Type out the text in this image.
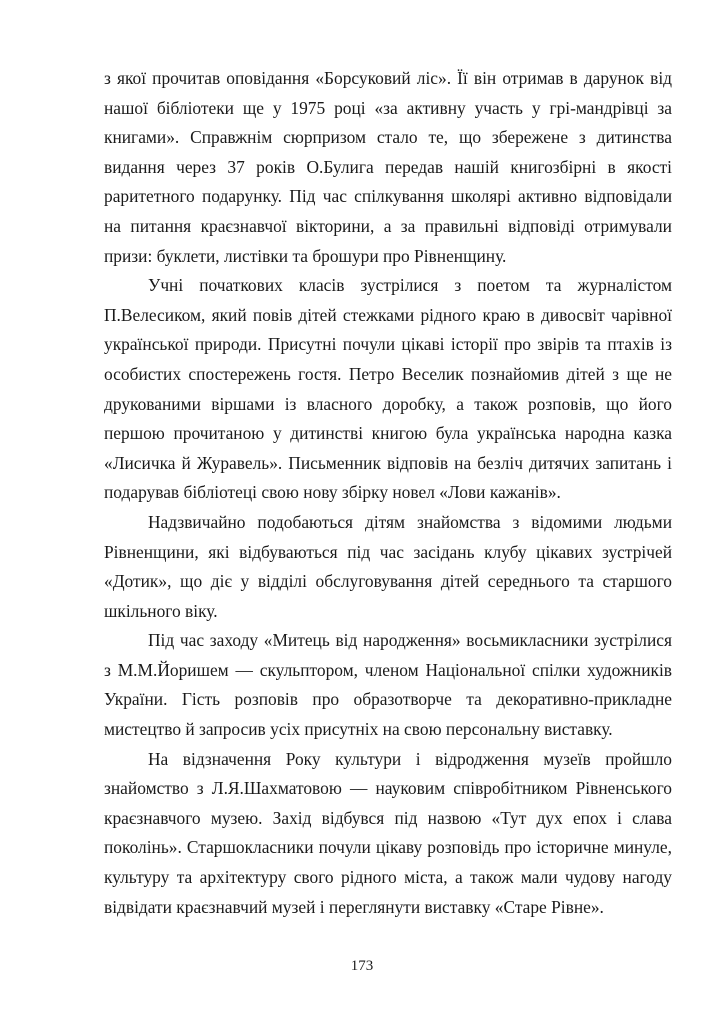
з якої прочитав оповідання «Борсуковий ліс». Її він отримав в дарунок від нашої бібліотеки ще у 1975 році «за активну участь у грі-мандрівці за книгами». Справжнім сюрпризом стало те, що збережене з дитинства видання через 37 років О.Булига передав нашій книгозбірні в якості раритетного подарунку. Під час спілкування школярі активно відповідали на питання краєзнавчої вікторини, а за правильні відповіді отримували призи: буклети, листівки та брошури про Рівненщину.

Учні початкових класів зустрілися з поетом та журналістом П.Велесиком, який повів дітей стежками рідного краю в дивосвіт чарівної української природи. Присутні почули цікаві історії про звірів та птахів із особистих спостережень гостя. Петро Веселик познайомив дітей з ще не друкованими віршами із власного доробку, а також розповів, що його першою прочитаною у дитинстві книгою була українська народна казка «Лисичка й Журавель». Письменник відповів на безліч дитячих запитань і подарував бібліотеці свою нову збірку новел «Лови кажанів».

Надзвичайно подобаються дітям знайомства з відомими людьми Рівненщини, які відбуваються під час засідань клубу цікавих зустрічей «Дотик», що діє у відділі обслуговування дітей середнього та старшого шкільного віку.

Під час заходу «Митець від народження» восьмикласники зустрілися з М.М.Йоришем — скульптором, членом Національної спілки художників України. Гість розповів про образотворче та декоративно-прикладне мистецтво й запросив усіх присутніх на свою персональну виставку.

На відзначення Року культури і відродження музеїв пройшло знайомство з Л.Я.Шахматовою — науковим співробітником Рівненського краєзнавчого музею. Захід відбувся під назвою «Тут дух епох і слава поколінь». Старшокласники почули цікаву розповідь про історичне минуле, культуру та архітектуру свого рідного міста, а також мали чудову нагоду відвідати краєзнавчий музей і переглянути виставку «Старе Рівне».

173
